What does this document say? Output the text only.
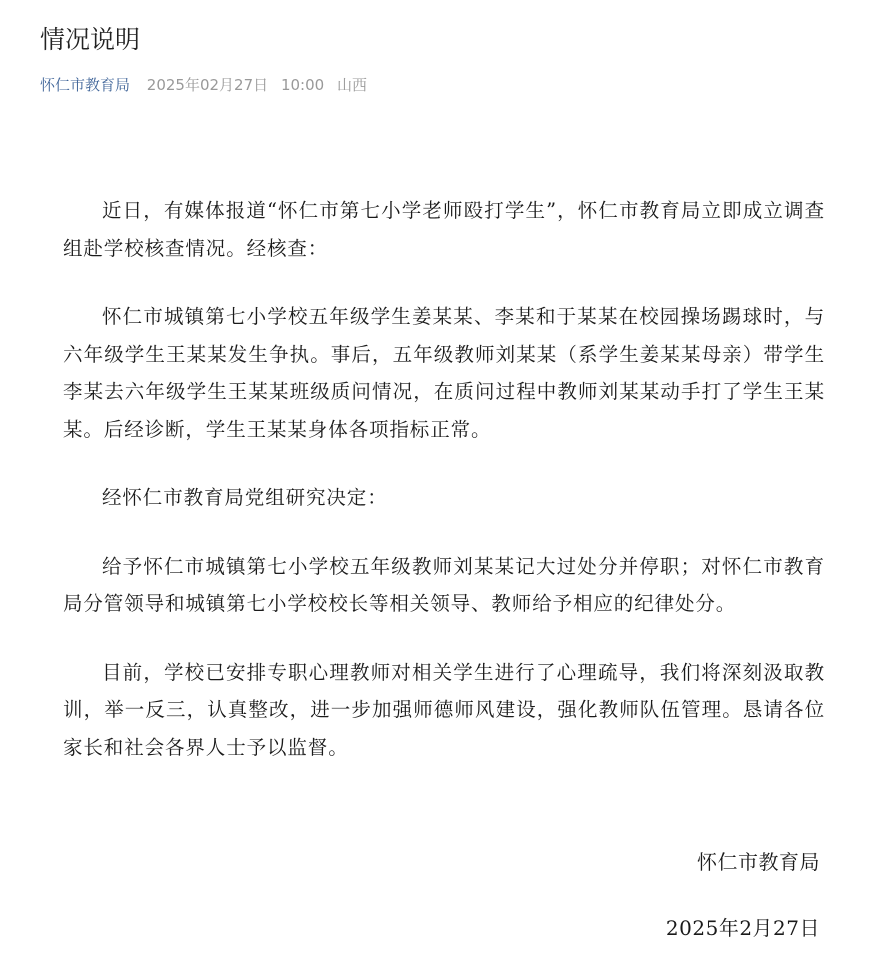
情况说明
怀仁市教育局 2025年02月27日 10:00 山西

近日，有媒体报道“怀仁市第七小学老师殴打学生”，怀仁市教育局立即成立调查组赴学校核查情况。经核查：

怀仁市城镇第七小学校五年级学生姜某某、李某和于某某在校园操场踢球时，与六年级学生王某某发生争执。事后，五年级教师刘某某（系学生姜某某母亲）带学生李某去六年级学生王某某班级质问情况，在质问过程中教师刘某某动手打了学生王某某。后经诊断，学生王某某身体各项指标正常。

经怀仁市教育局党组研究决定：

给予怀仁市城镇第七小学校五年级教师刘某某记大过处分并停职；对怀仁市教育局分管领导和城镇第七小学校校长等相关领导、教师给予相应的纪律处分。

目前，学校已安排专职心理教师对相关学生进行了心理疏导，我们将深刻汲取教训，举一反三，认真整改，进一步加强师德师风建设，强化教师队伍管理。恳请各位家长和社会各界人士予以监督。

怀仁市教育局
2025年2月27日
